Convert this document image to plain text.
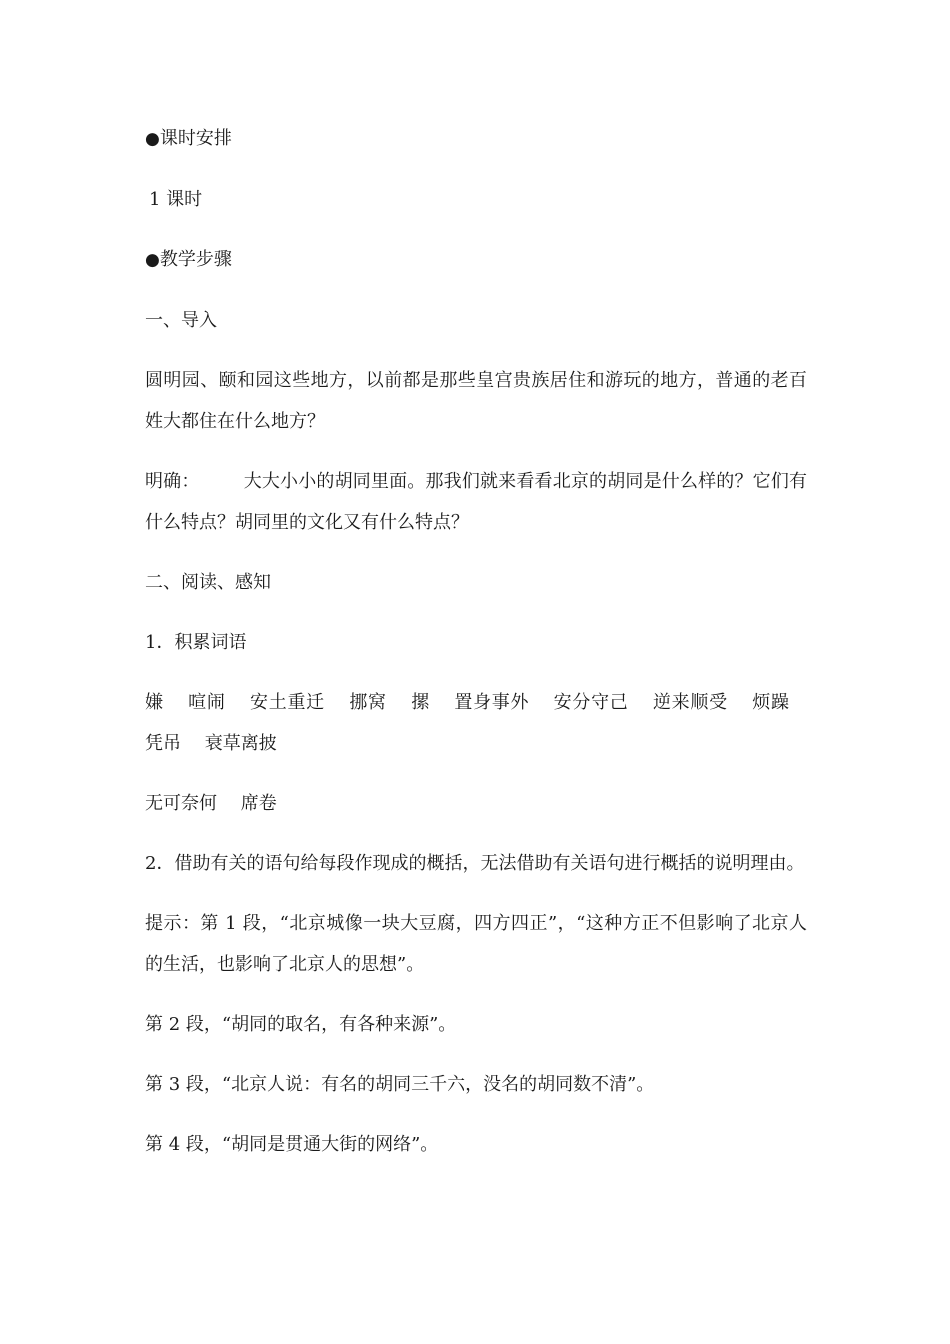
● 课时安排

1 课时

● 教学步骤

一、导入

圆明园、颐和园这些地方，以前都是那些皇宫贵族居住和游玩的地方，普通的老百姓大都住在什么地方？

明确： 大大小小的胡同里面。那我们就来看看北京的胡同是什么样的？它们有什么特点？胡同里的文化又有什么特点？

二、阅读、感知

1．积累词语

嫌 喧闹 安土重迁 挪窝 摞 置身事外 安分守己 逆来顺受 烦躁 凭吊 衰草离披

无可奈何 席卷

2．借助有关的语句给每段作现成的概括，无法借助有关语句进行概括的说明理由。

提示：第 1 段，“北京城像一块大豆腐，四方四正”，“这种方正不但影响了北京人的生活，也影响了北京人的思想”。

第 2 段，“胡同的取名，有各种来源”。

第 3 段，“北京人说：有名的胡同三千六，没名的胡同数不清”。

第 4 段，“胡同是贯通大街的网络”。
